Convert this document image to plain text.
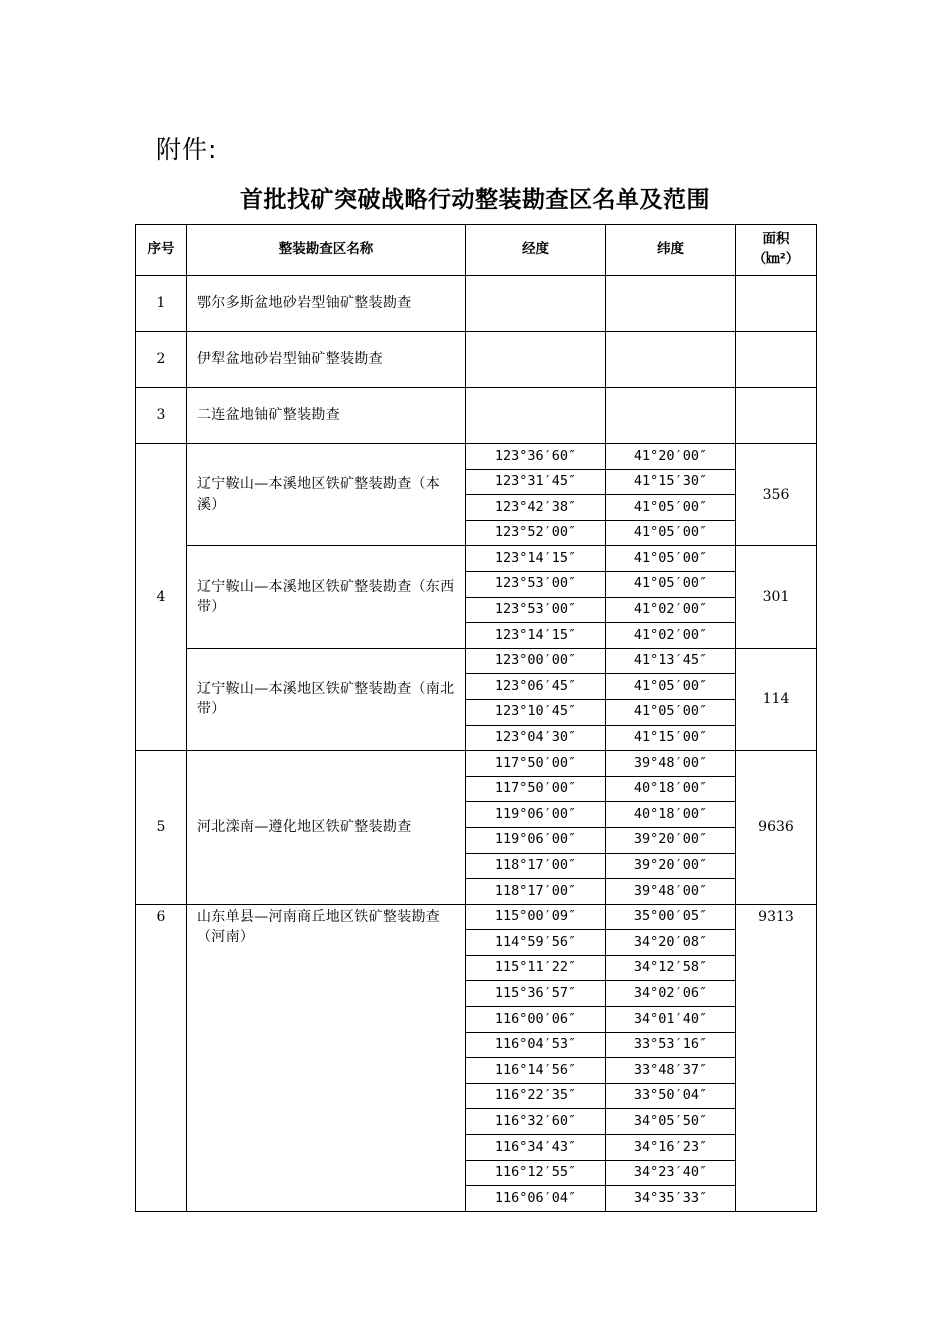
附件:
首批找矿突破战略行动整装勘查区名单及范围
序号	整装勘查区名称	经度	纬度	面积
（㎞²）

1	鄂尔多斯盆地砂岩型铀矿整装勘查			
2	伊犁盆地砂岩型铀矿整装勘查			
3	二连盆地铀矿整装勘查			
4	辽宁鞍山—本溪地区铁矿整装勘查（本溪）	123°36′60″	41°20′00″	356
		123°31′45″	41°15′30″	
		123°42′38″	41°05′00″	
		123°52′00″	41°05′00″	
	辽宁鞍山—本溪地区铁矿整装勘查（东西带）	123°14′15″	41°05′00″	301
		123°53′00″	41°05′00″	
		123°53′00″	41°02′00″	
		123°14′15″	41°02′00″	
	辽宁鞍山—本溪地区铁矿整装勘查（南北带）	123°00′00″	41°13′45″	114
		123°06′45″	41°05′00″	
		123°10′45″	41°05′00″	
		123°04′30″	41°15′00″	
5	河北滦南—遵化地区铁矿整装勘查	117°50′00″	39°48′00″	9636
		117°50′00″	40°18′00″	
		119°06′00″	40°18′00″	
		119°06′00″	39°20′00″	
		118°17′00″	39°20′00″	
		118°17′00″	39°48′00″	
6	山东单县—河南商丘地区铁矿整装勘查（河南）	115°00′09″	35°00′05″	9313
		114°59′56″	34°20′08″	
		115°11′22″	34°12′58″	
		115°36′57″	34°02′06″	
		116°00′06″	34°01′40″	
		116°04′53″	33°53′16″	
		116°14′56″	33°48′37″	
		116°22′35″	33°50′04″	
		116°32′60″	34°05′50″	
		116°34′43″	34°16′23″	
		116°12′55″	34°23′40″	
		116°06′04″	34°35′33″	
